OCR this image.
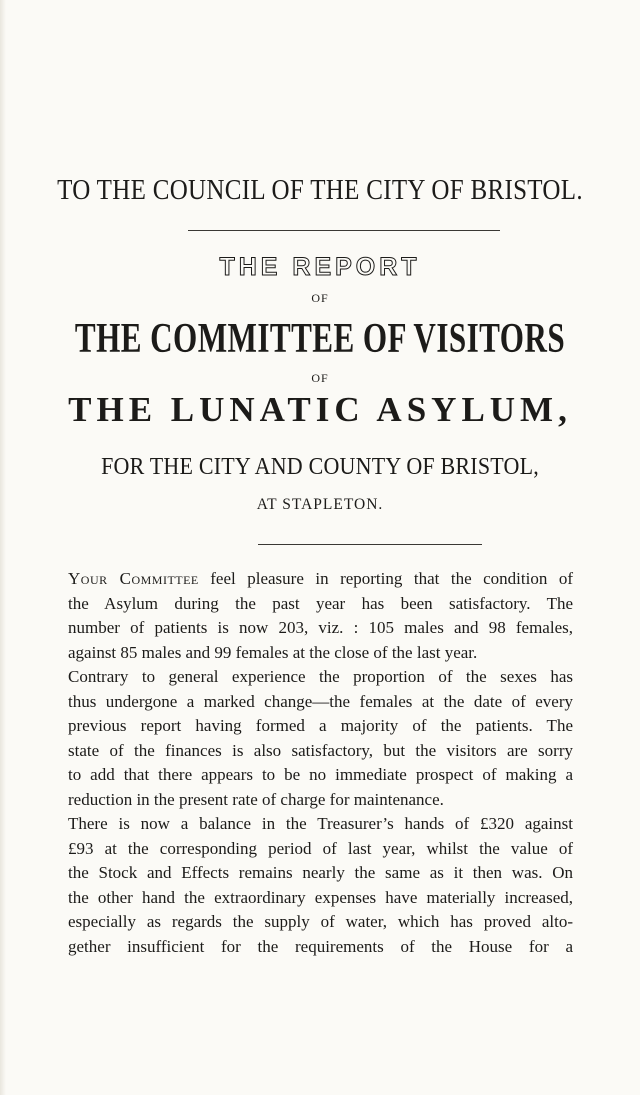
TO THE COUNCIL OF THE CITY OF BRISTOL.
THE REPORT
OF
THE COMMITTEE OF VISITORS
OF
THE LUNATIC ASYLUM,
FOR THE CITY AND COUNTY OF BRISTOL,
AT STAPLETON.
Your Committee feel pleasure in reporting that the condition of
the Asylum during the past year has been satisfactory. The
number of patients is now 203, viz. : 105 males and 98 females,
against 85 males and 99 females at the close of the last year.
Contrary to general experience the proportion of the sexes has
thus undergone a marked change—the females at the date of every
previous report having formed a majority of the patients. The
state of the finances is also satisfactory, but the visitors are sorry
to add that there appears to be no immediate prospect of making a
reduction in the present rate of charge for maintenance.
There is now a balance in the Treasurer’s hands of £320 against
£93 at the corresponding period of last year, whilst the value of
the Stock and Effects remains nearly the same as it then was. On
the other hand the extraordinary expenses have materially increased,
especially as regards the supply of water, which has proved alto-
gether insufficient for the requirements of the House for a
